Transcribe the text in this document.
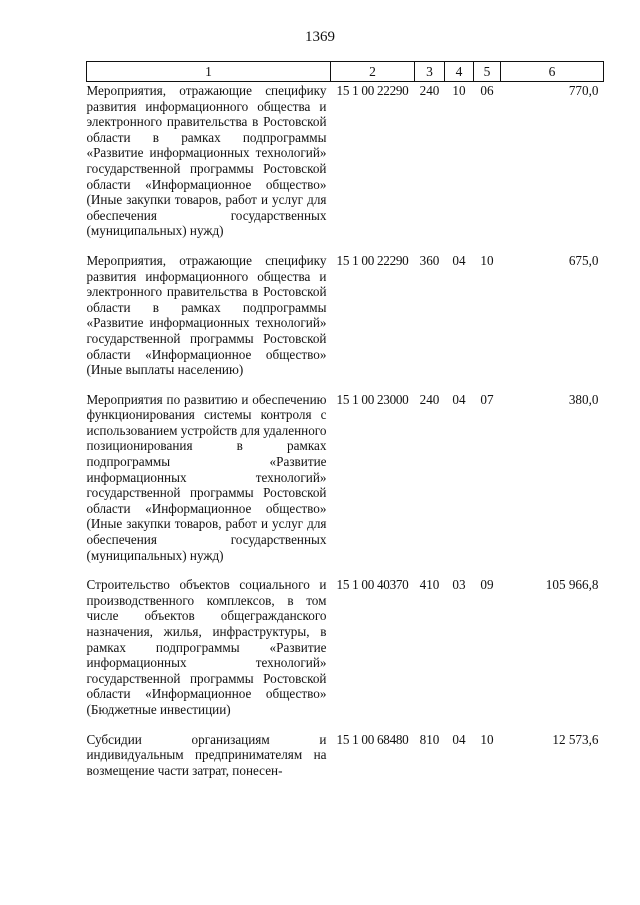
1369
1	2	3	4	5	6
Мероприятия, отражающие специфику развития информационного общества и электронного правительства в Ростовской области в рамках подпрограммы «Развитие информационных технологий» государственной программы Ростовской области «Информационное общество» (Иные закупки товаров, работ и услуг для обеспечения государственных (муниципальных) нужд)	15 1 00 22290	240	10	06	770,0
Мероприятия, отражающие специфику развития информационного общества и электронного правительства в Ростовской области в рамках подпрограммы «Развитие информационных технологий» государственной программы Ростовской области «Информационное общество» (Иные выплаты населению)	15 1 00 22290	360	04	10	675,0
Мероприятия по развитию и обеспечению функционирования системы контроля с использованием устройств для удаленного позиционирования в рамках подпрограммы «Развитие информационных технологий» государственной программы Ростовской области «Информационное общество» (Иные закупки товаров, работ и услуг для обеспечения государственных (муниципальных) нужд)	15 1 00 23000	240	04	07	380,0
Строительство объектов социального и производственного комплексов, в том числе объектов общегражданского назначения, жилья, инфраструктуры, в рамках подпрограммы «Развитие информационных технологий» государственной программы Ростовской области «Информационное общество» (Бюджетные инвестиции)	15 1 00 40370	410	03	09	105 966,8
Субсидии организациям и индивидуальным предпринимателям на возмещение части затрат, понесен-	15 1 00 68480	810	04	10	12 573,6
